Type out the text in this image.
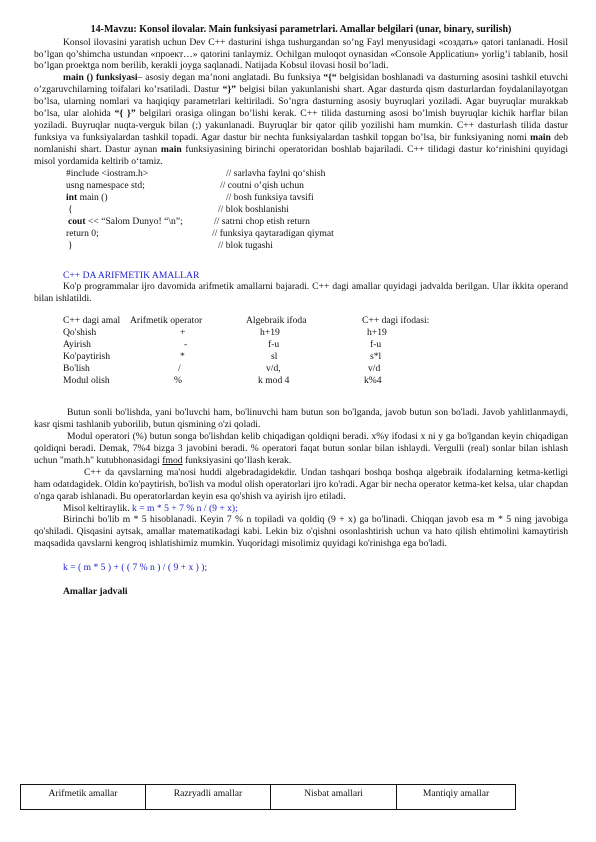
14-Mavzu: Konsol ilovalar. Main funksiyasi parametrlari. Amallar belgilari (unar, binary, surilish)

Konsol ilovasini yaratish uchun Dev C++ dasturini ishga tushurgandan so’ng Fayl menyusidagi «создать» qatori tanlanadi. Hosil bo’lgan qo’shimcha ustundan «проект…» qatorini tanlaymiz. Ochilgan muloqot oynasidan «Console Applicatiun» yorlig’i tablanib, hosil bo’lgan proektga nom berilib, kerakli joyga saqlanadi. Natijada Kobsul ilovasi hosil bo’ladi.

main () funksiyasi– asosiy degan ma’noni anglatadi. Bu funksiya “{“ belgisidan boshlanadi va dasturning asosini tashkil etuvchi o’zgaruvchilarning toifalari ko’rsatiladi. Dastur “}” belgisi bilan yakunlanishi shart. Agar dasturda qism dasturlardan foydalanilayotgan bo’lsa, ularning nomlari va haqiqiqy parametrlari keltiriladi. So’ngra dasturning asosiy buyruqlari yoziladi. Agar buyruqlar murakkab bo’lsa, ular alohida “{ }” belgilari orasiga olingan bo’lishi kerak. C++ tilida dasturning asosi bo’lmish buyruqlar kichik harflar bilan yoziladi. Buyruqlar nuqta-verguk bilan (;) yakunlanadi. Buyruqlar bir qator qilib yozilishi ham mumkin. C++ dasturlash tilida dastur funksiya va funksiyalardan tashkil topadi. Agar dastur bir nechta funksiyalardan tashkil topgan bo’lsa, bir funksiyaning nomi main deb nomlanishi shart. Dastur aynan main funksiyasining birinchi operatoridan boshlab bajariladi. C++ tilidagi dastur ko‘rinishini quyidagi misol yordamida keltirib o‘tamiz.

#include <iostram.h>	// sarlavha faylni qo‘shish
usng namespace std;	// coutni o’qish uchun
int main ()	// bosh funksiya tavsifi
{	// blok boshlanishi
cout << “Salom Dunyo! “\n”;	// satrni chop etish return
return 0;	// funksiya qaytaradigan qiymat
}	// blok tugashi

C++ DA ARIFMETIK AMALLAR

Ko'p programmalar ijro davomida arifmetik amallarni bajaradi. C++ dagi amallar quyidagi jadvalda berilgan. Ular ikkita operand bilan ishlatildi.

C++ dagi amal Arifmetik operator	Algebraik ifoda	C++ dagi ifodasi:
Qo'shish	+	h+19	h+19
Ayirish	-	f-u	f-u
Ko'paytirish	*	sl	s*l
Bo'lish	/	v/d,	v/d
Modul olish	%	k mod 4	k%4

Butun sonli bo'lishda, yani bo'luvchi ham, bo'linuvchi ham butun son bo'lganda, javob butun son bo'ladi. Javob yahlitlanmaydi, kasr qismi tashlanib yuborilib, butun qismining o'zi qoladi.

Modul operatori (%) butun songa bo'lishdan kelib chiqadigan qoldiqni beradi. x%y ifodasi x ni y ga bo'lgandan keyin chiqadigan qoldiqni beradi. Demak, 7%4 bizga 3 javobini beradi. % operatori faqat butun sonlar bilan ishlaydi. Vergulli (real) sonlar bilan ishlash uchun "math.h" kutubhonasidagi fmod funksiyasini qo’llash kerak.

C++ da qavslarning ma'nosi huddi algebradagidekdir. Undan tashqari boshqa boshqa algebraik ifodalarning ketma-ketligi ham odatdagidek. Oldin ko'paytirish, bo'lish va modul olish operatorlari ijro ko'radi. Agar bir necha operator ketma-ket kelsa, ular chapdan o'nga qarab ishlanadi. Bu operatorlardan keyin esa qo'shish va ayirish ijro etiladi.

Misol keltiraylik. k = m * 5 + 7 % n / (9 + x);

Birinchi bo'lib m * 5 hisoblanadi. Keyin 7 % n topiladi va qoldiq (9 + x) ga bo'linadi. Chiqqan javob esa m * 5 ning javobiga qo'shiladi. Qisqasini aytsak, amallar matematikadagi kabi. Lekin biz o'qishni osonlashtirish uchun va hato qilish ehtimolini kamaytirish maqsadida qavslarni kengroq ishlatishimiz mumkin. Yuqoridagi misolimiz quyidagi ko'rinishga ega bo'ladi.

k = ( m * 5 ) + ( ( 7 % n ) / ( 9 + x ) );

Amallar jadvali

Arifmetik amallar	Razryadli amallar	Nisbat amallari	Mantiqiy amallar
